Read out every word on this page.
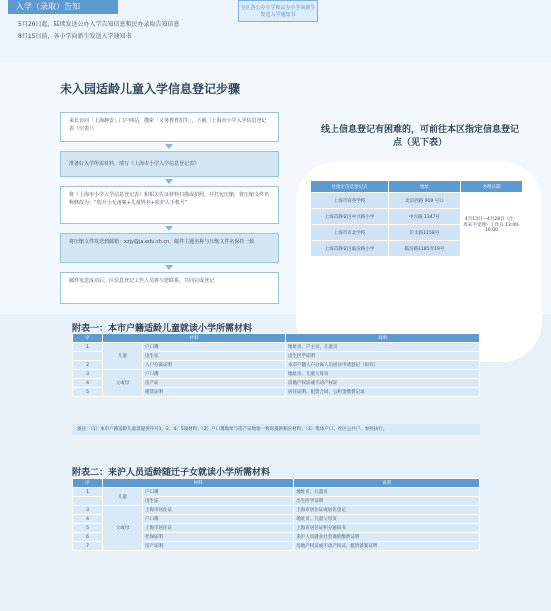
入学（录取）告知	全区各公办小学和民办小学向新生发送入学通知书
5月20日起，陆续发送公办入学告知信息和民办录取告知信息
8月15日前，各小学向新生发送入学通知书
未入园适龄儿童入学信息登记步骤
来长访问「上海静安」门户网站，搜索「义务教育招生」，下载《上海市小学入学信息登记表（空表）》
准备好入学所需材料，填写《上海市小学入学信息登记表》
将《上海市小学入学信息登记表》和相关佐证材料扫描或拍照，并打包压缩，将压缩文件名称修改为：“幼升小无备案+儿童姓名+监护人手机号”
将压缩文件发送到邮箱：xzjy@ja.edu.sh.cn，邮件主题名称与压缩文件名保持一致
邮件发送成功后，区信息登记工作人员将与您联系，共同完成登记
线上信息登记有困难的，可前往本区指定信息登记点（见下表）
区指定信息登记点	地址	办理日期
上海市育英学校	北京西路 919 号口	4月13日—4月28日（注：周末不受理）工作日 13:00-16:00
上海市静安区中兴路小学	中兴路 1347号	
上海市市北学校	沪太路1158号	
上海市静安区临汾路小学	临汾路1185弄19号	
附表一：本市户籍适龄儿童就读小学所需材料
序	材料		说明
1	儿童	户口簿	地址页、户主页、儿童页
		出生证	出生医学证明
2		入户分离证明	本市户籍人户分离人员居住申请登记（如有）
3	父或母	户口簿	地址页、儿童父母页
4		房产证	房地产权证或不动产权证
5		租赁证明	居住证明、租赁合同、公积金缴费记录
备注：（1）本市户籍适龄儿童需提供序号1、2、4、5项材料；（2）户口簿地址与房产证地址一致时提供相应材料；（3）集体户口、社区公共户，参照执行。
附表二：来沪人员适龄随迁子女就读小学所需材料
序	材料		说明
1	儿童	户口簿	地址页、儿童页
		出生证	出生医学证明
3	父或母	上海市居住证	上海市居住证或居住登记
4		户口簿	地址页、儿童父母页
5		上海市居住证	上海市居住证积分通知书
6		社保证明	来沪人员就业社会保险缴费证明
7		房产证明	房地产权证或不动产权证、租赁备案证明
